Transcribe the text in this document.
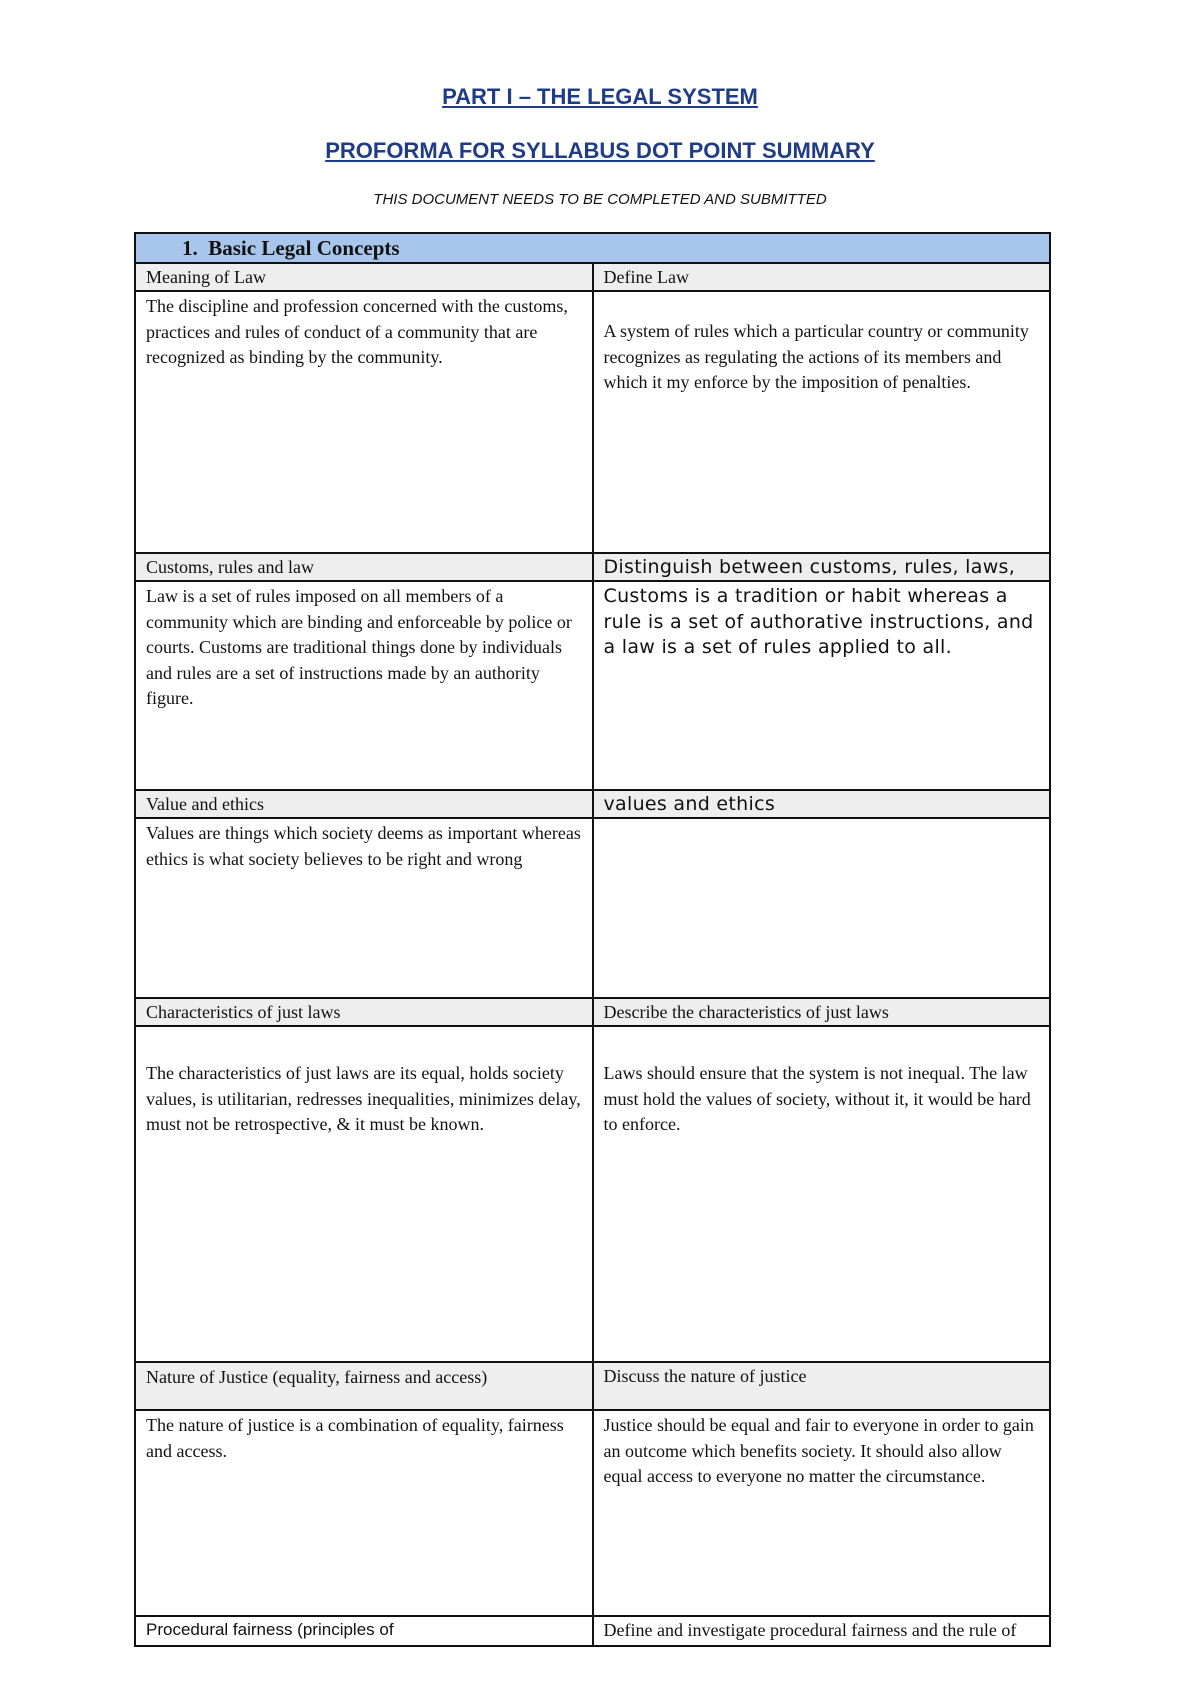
PART I – THE LEGAL SYSTEM
PROFORMA FOR SYLLABUS DOT POINT SUMMARY
THIS DOCUMENT NEEDS TO BE COMPLETED AND SUBMITTED
1. Basic Legal Concepts	
Meaning of Law	Define Law
The discipline and profession concerned with the customs, practices and rules of conduct of a community that are recognized as binding by the community.	A system of rules which a particular country or community recognizes as regulating the actions of its members and which it my enforce by the imposition of penalties.
Customs, rules and law	Distinguish between customs, rules, laws,
Law is a set of rules imposed on all members of a community which are binding and enforceable by police or courts. Customs are traditional things done by individuals and rules are a set of instructions made by an authority figure.	Customs is a tradition or habit whereas a rule is a set of authorative instructions, and a law is a set of rules applied to all.
Value and ethics	values and ethics
Values are things which society deems as important whereas ethics is what society believes to be right and wrong	
Characteristics of just laws	Describe the characteristics of just laws
The characteristics of just laws are its equal, holds society values, is utilitarian, redresses inequalities, minimizes delay, must not be retrospective, & it must be known.	Laws should ensure that the system is not inequal. The law must hold the values of society, without it, it would be hard to enforce.
Nature of Justice (equality, fairness and access)	Discuss the nature of justice
The nature of justice is a combination of equality, fairness and access.	Justice should be equal and fair to everyone in order to gain an outcome which benefits society. It should also allow equal access to everyone no matter the circumstance.
Procedural fairness (principles of	Define and investigate procedural fairness and the rule of
